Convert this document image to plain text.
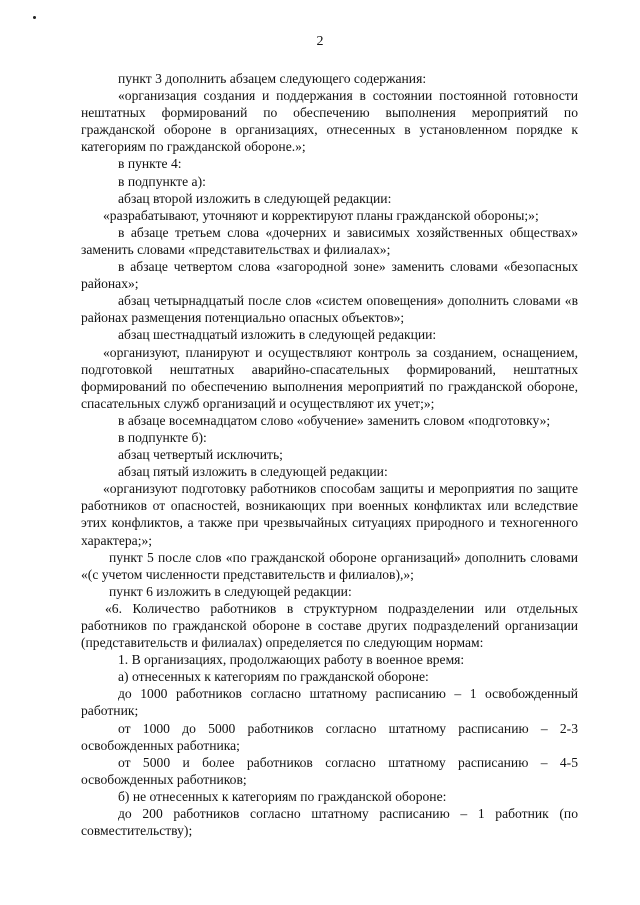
2

пункт 3 дополнить абзацем следующего содержания:

«организация создания и поддержания в состоянии постоянной готовности нештатных формирований по обеспечению выполнения мероприятий по гражданской обороне в организациях, отнесенных в установленном порядке к категориям по гражданской обороне.»;

в пункте 4:

в подпункте а):

абзац второй изложить в следующей редакции:

«разрабатывают, уточняют и корректируют планы гражданской обороны;»;

в абзаце третьем слова «дочерних и зависимых хозяйственных обществах» заменить словами «представительствах и филиалах»;

в абзаце четвертом слова «загородной зоне» заменить словами «безопасных районах»;

абзац четырнадцатый после слов «систем оповещения» дополнить словами «в районах размещения потенциально опасных объектов»;

абзац шестнадцатый изложить в следующей редакции:

«организуют, планируют и осуществляют контроль за созданием, оснащением, подготовкой нештатных аварийно-спасательных формирований, нештатных формирований по обеспечению выполнения мероприятий по гражданской обороне, спасательных служб организаций и осуществляют их учет;»;

в абзаце восемнадцатом слово «обучение» заменить словом «подготовку»;

в подпункте б):

абзац четвертый исключить;

абзац пятый изложить в следующей редакции:

«организуют подготовку работников способам защиты и мероприятия по защите работников от опасностей, возникающих при военных конфликтах или вследствие этих конфликтов, а также при чрезвычайных ситуациях природного и техногенного характера;»;

пункт 5 после слов «по гражданской обороне организаций» дополнить словами «(с учетом численности представительств и филиалов),»;

пункт 6 изложить в следующей редакции:

«6. Количество работников в структурном подразделении или отдельных работников по гражданской обороне в составе других подразделений организации (представительств и филиалах) определяется по следующим нормам:

1. В организациях, продолжающих работу в военное время:

а) отнесенных к категориям по гражданской обороне:

до 1000 работников согласно штатному расписанию – 1 освобожденный работник;

от 1000 до 5000 работников согласно штатному расписанию – 2-3 освобожденных работника;

от 5000 и более работников согласно штатному расписанию – 4-5 освобожденных работников;

б) не отнесенных к категориям по гражданской обороне:

до 200 работников согласно штатному расписанию – 1 работник (по совместительству);
